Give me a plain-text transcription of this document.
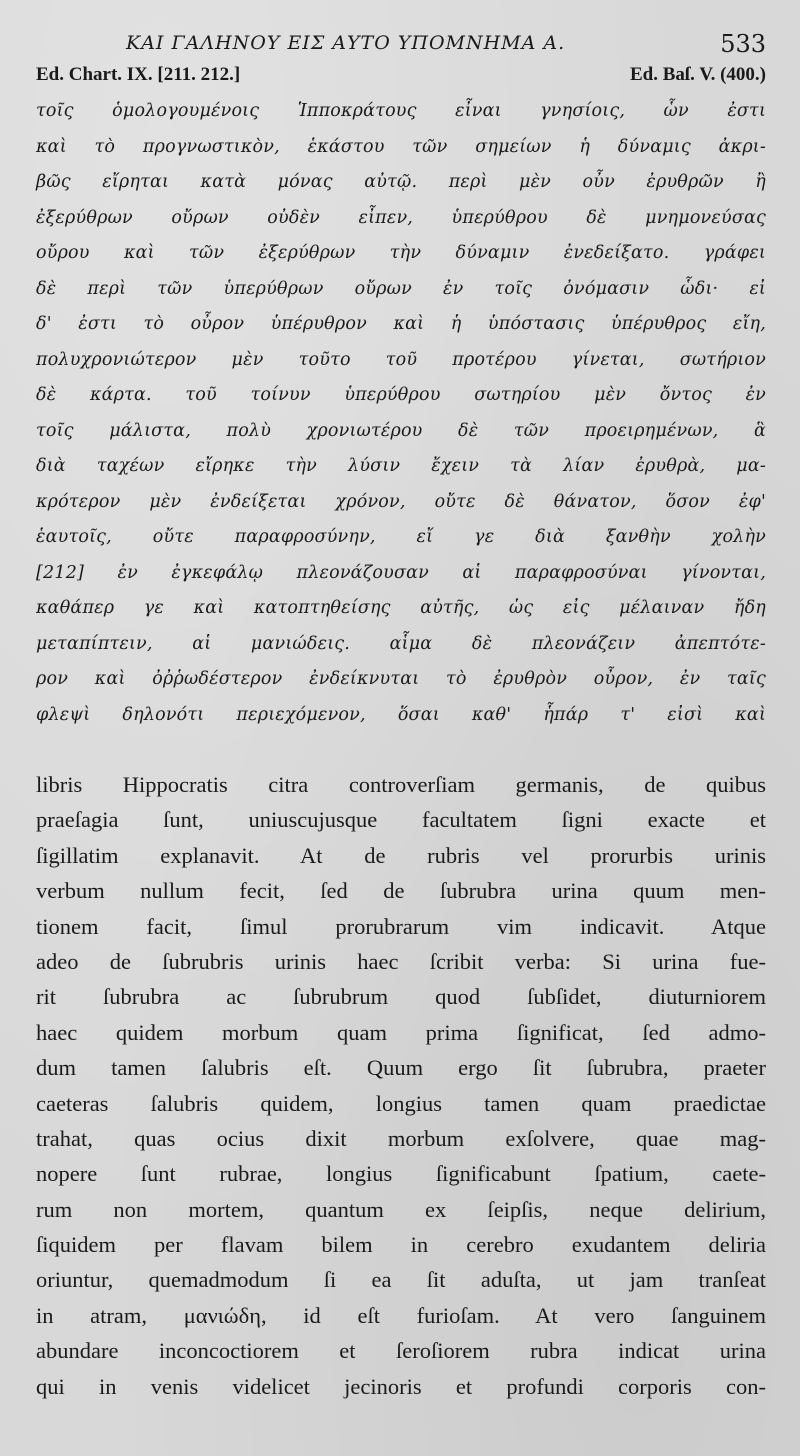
ΚΑΙ ΓΑΛΗΝΟΥ ΕΙΣ ΑΥΤΟ ΥΠΟΜΝΗΜΑ Α.	533
Ed. Chart. IX. [211. 212.]	Ed. Baſ. V. (400.)
τοῖς ὁμολογουμένοις Ἱπποκράτους εἶναι γνησίοις, ὧν ἐστι
καὶ τὸ προγνωστικὸν, ἑκάστου τῶν σημείων ἡ δύναμις ἀκρι-
βῶς εἴρηται κατὰ μόνας αὐτῷ. περὶ μὲν οὖν ἐρυθρῶν ἢ
ἐξερύθρων οὔρων οὐδὲν εἶπεν, ὑπερύθρου δὲ μνημονεύσας
οὔρου καὶ τῶν ἐξερύθρων τὴν δύναμιν ἐνεδείξατο. γράφει
δὲ περὶ τῶν ὑπερύθρων οὔρων ἐν τοῖς ὀνόμασιν ὧδι· εἰ
δ' ἐστι τὸ οὖρον ὑπέρυθρον καὶ ἡ ὑπόστασις ὑπέρυθρος εἴη,
πολυχρονιώτερον μὲν τοῦτο τοῦ προτέρου γίνεται, σωτήριον
δὲ κάρτα. τοῦ τοίνυν ὑπερύθρου σωτηρίου μὲν ὄντος ἐν
τοῖς μάλιστα, πολὺ χρονιωτέρου δὲ τῶν προειρημένων, ἃ
διὰ ταχέων εἴρηκε τὴν λύσιν ἔχειν τὰ λίαν ἐρυθρὰ, μα-
κρότερον μὲν ἐνδείξεται χρόνον, οὔτε δὲ θάνατον, ὅσον ἐφ'
ἑαυτοῖς, οὔτε παραφροσύνην, εἴ γε διὰ ξανθὴν χολὴν
[212] ἐν ἐγκεφάλῳ πλεονάζουσαν αἱ παραφροσύναι γίνονται,
καθάπερ γε καὶ κατοπτηθείσης αὐτῆς, ὡς εἰς μέλαιναν ἤδη
μεταπίπτειν, αἱ μανιώδεις. αἷμα δὲ πλεονάζειν ἀπεπτότε-
ρον καὶ ὀῤῥωδέστερον ἐνδείκνυται τὸ ἐρυθρὸν οὖρον, ἐν ταῖς
φλεψὶ δηλονότι περιεχόμενον, ὅσαι καθ' ἧπάρ τ' εἰσὶ καὶ
libris Hippocratis citra controverſiam germanis, de quibus
praeſagia ſunt, uniuscujusque facultatem ſigni exacte et
ſigillatim explanavit. At de rubris vel prorurbis urinis
verbum nullum fecit, ſed de ſubrubra urina quum men-
tionem facit, ſimul prorubrarum vim indicavit. Atque
adeo de ſubrubris urinis haec ſcribit verba: Si urina fue-
rit ſubrubra ac ſubrubrum quod ſubſidet, diuturniorem
haec quidem morbum quam prima ſignificat, ſed admo-
dum tamen ſalubris eſt. Quum ergo ſit ſubrubra, praeter
caeteras ſalubris quidem, longius tamen quam praedictae
trahat, quas ocius dixit morbum exſolvere, quae mag-
nopere ſunt rubrae, longius ſignificabunt ſpatium, caete-
rum non mortem, quantum ex ſeipſis, neque delirium,
ſiquidem per flavam bilem in cerebro exudantem deliria
oriuntur, quemadmodum ſi ea ſit aduſta, ut jam tranſeat
in atram, μανιώδη, id eſt furioſam. At vero ſanguinem
abundare inconcoctiorem et ſeroſiorem rubra indicat urina
qui in venis videlicet jecinoris et profundi corporis con-
